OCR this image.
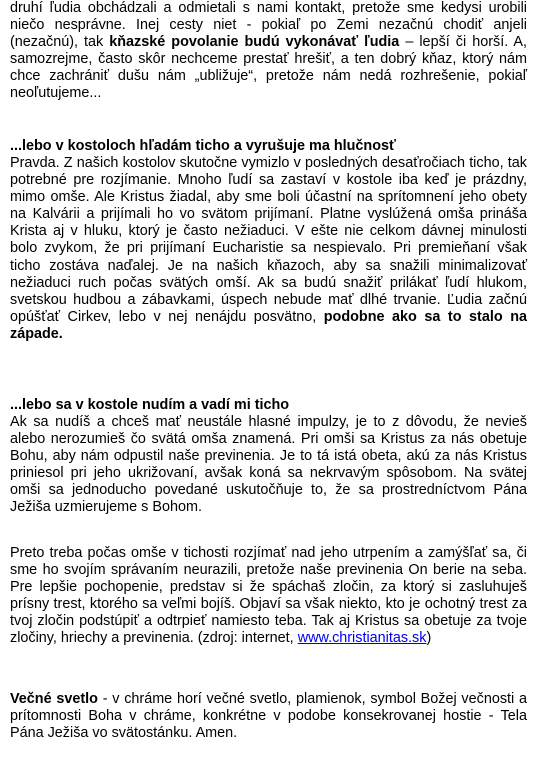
druhí ľudia obchádzali a odmietali s nami kontakt, pretože sme kedysi urobili niečo nesprávne. Inej cesty niet - pokiaľ po Zemi nezačnú chodiť anjeli (nezačnú), tak kňazské povolanie budú vykonávať ľudia – lepší či horší. A, samozrejme, často skôr nechceme prestať hrešiť, a ten dobrý kňaz, ktorý nám chce zachrániť dušu nám „ubližuje“, pretože nám nedá rozhrešenie, pokiaľ neoľutujeme...

...lebo v kostoloch hľadám ticho a vyrušuje ma hlučnosť

Pravda. Z našich kostolov skutočne vymizlo v posledných desaťročiach ticho, tak potrebné pre rozjímanie. Mnoho ľudí sa zastaví v kostole iba keď je prázdny, mimo omše. Ale Kristus žiadal, aby sme boli účastní na sprítomnení jeho obety na Kalvárii a prijímali ho vo svätom prijímaní. Platne vyslúžená omša prináša Krista aj v hluku, ktorý je často nežiaduci. V ešte nie celkom dávnej minulosti bolo zvykom, že pri prijímaní Eucharistie sa nespievalo. Pri premieňaní však ticho zostáva naďalej. Je na našich kňazoch, aby sa snažili minimalizovať nežiaduci ruch počas svätých omší. Ak sa budú snažiť prilákať ľudí hlukom, svetskou hudbou a zábavkami, úspech nebude mať dlhé trvanie. Ľudia začnú opúšťať Cirkev, lebo v nej nenájdu posvätno, podobne ako sa to stalo na západe.

...lebo sa v kostole nudím a vadí mi ticho

Ak sa nudíš a chceš mať neustále hlasné impulzy, je to z dôvodu, že nevieš alebo nerozumieš čo svätá omša znamená. Pri omši sa Kristus za nás obetuje Bohu, aby nám odpustil naše previnenia. Je to tá istá obeta, akú za nás Kristus priniesol pri jeho ukrižovaní, avšak koná sa nekrvavým spôsobom. Na svätej omši sa jednoducho povedané uskutočňuje to, že sa prostredníctvom Pána Ježiša uzmierujeme s Bohom.

Preto treba počas omše v tichosti rozjímať nad jeho utrpením a zamýšľať sa, či sme ho svojím správaním neurazili, pretože naše previnenia On berie na seba. Pre lepšie pochopenie, predstav si že spáchaš zločin, za ktorý si zasluhuješ prísny trest, ktorého sa veľmi bojíš. Objaví sa však niekto, kto je ochotný trest za tvoj zločin podstúpiť a odtrpieť namiesto teba. Tak aj Kristus sa obetuje za tvoje zločiny, hriechy a previnenia. (zdroj: internet, www.christianitas.sk)

Večné svetlo - v chráme horí večné svetlo, plamienok, symbol Božej večnosti a prítomnosti Boha v chráme, konkrétne v podobe konsekrovanej hostie - Tela Pána Ježiša vo svätostánku. Amen.
